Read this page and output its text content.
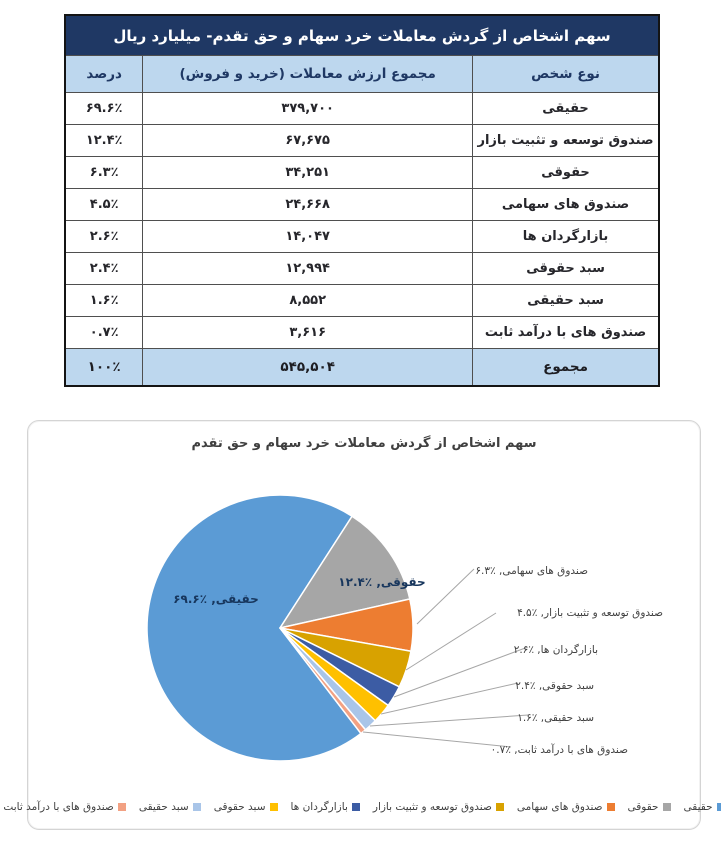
سهم اشخاص از گردش معاملات خرد سهام و حق تقدم- میلیارد ریال		
نوع شخص	مجموع ارزش معاملات (خرید و فروش)	درصد
حقیقی	۳۷۹,۷۰۰	۶۹.۶٪
صندوق توسعه و تثبیت بازار	۶۷,۶۷۵	۱۲.۴٪
حقوقی	۳۴,۲۵۱	۶.۳٪
صندوق های سهامی	۲۴,۶۶۸	۴.۵٪
بازارگردان ها	۱۴,۰۴۷	۲.۶٪
سبد حقوقی	۱۲,۹۹۴	۲.۴٪
سبد حقیقی	۸,۵۵۲	۱.۶٪
صندوق های با درآمد ثابت	۳,۶۱۶	۰.۷٪
مجموع	۵۴۵,۵۰۴	۱۰۰٪
سهم اشخاص از گردش معاملات خرد سهام و حق تقدم
حقیقی, ٪۶۹.۶
حقوقی, ٪۱۲.۴
صندوق های سهامی, ٪۶.۳
صندوق توسعه و تثبیت بازار, ٪۴.۵
بازارگردان ها, ٪۲.۶
سبد حقوقی, ٪۲.۴
سبد حقیقی, ٪۱.۶
صندوق های با درآمد ثابت, ٪۰.۷
حقیقی
حقوقی
صندوق های سهامی
صندوق توسعه و تثبیت بازار
بازارگردان ها
سبد حقوقی
سبد حقیقی
صندوق های با درآمد ثابت
